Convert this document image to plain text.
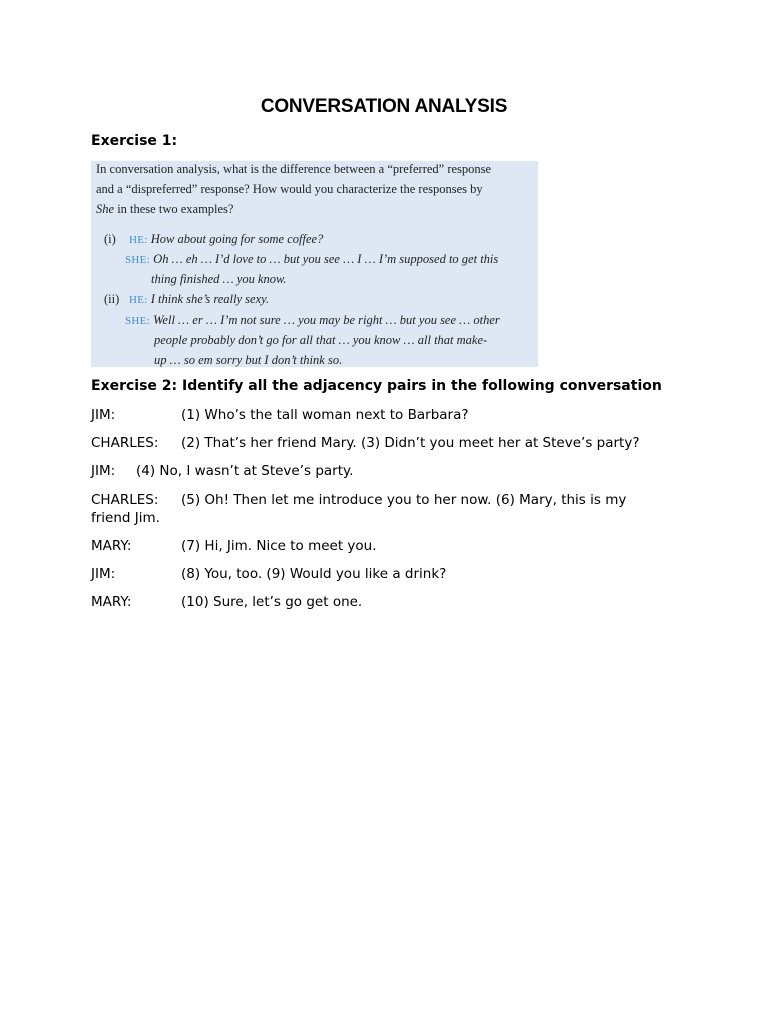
CONVERSATION ANALYSIS
Exercise 1:
In conversation analysis, what is the difference between a “preferred” response
and a “dispreferred” response? How would you characterize the responses by
She in these two examples?
(i) HE: How about going for some coffee?
SHE: Oh … eh … I’d love to … but you see … I … I’m supposed to get this
thing finished … you know.
(ii) HE: I think she’s really sexy.
SHE: Well … er … I’m not sure … you may be right … but you see … other
people probably don’t go for all that … you know … all that make-
up … so em sorry but I don’t think so.
Exercise 2: Identify all the adjacency pairs in the following conversation
JIM:	(1) Who’s the tall woman next to Barbara?
CHARLES: (2) That’s her friend Mary. (3) Didn’t you meet her at Steve’s party?
JIM: (4) No, I wasn’t at Steve’s party.
CHARLES: (5) Oh! Then let me introduce you to her now. (6) Mary, this is my friend Jim.
MARY:	(7) Hi, Jim. Nice to meet you.
JIM:	(8) You, too. (9) Would you like a drink?
MARY:	(10) Sure, let’s go get one.
